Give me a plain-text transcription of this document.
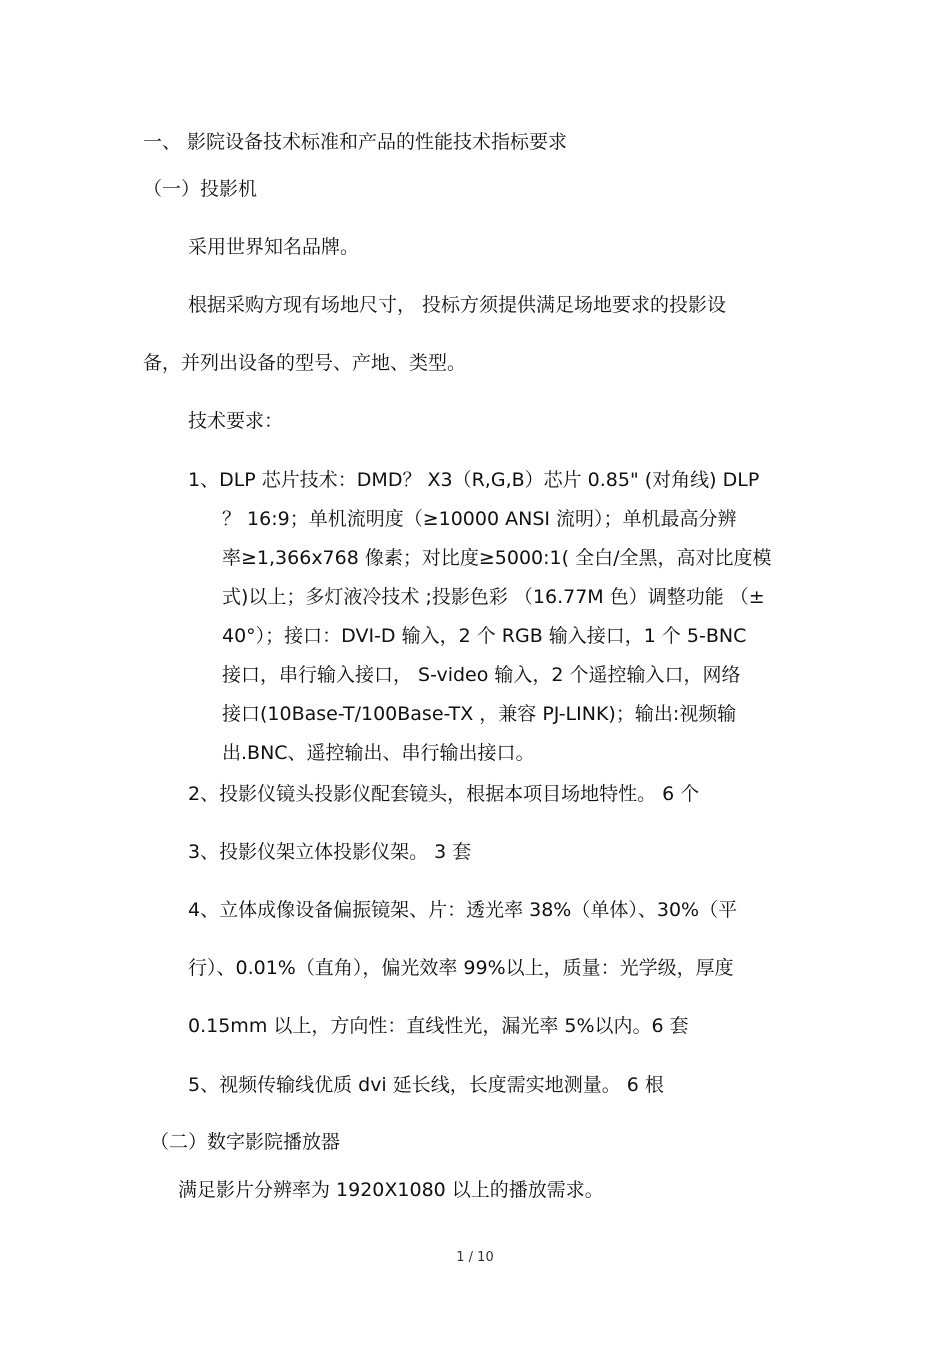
一、 影院设备技术标准和产品的性能技术指标要求
（一）投影机
采用世界知名品牌。
根据采购方现有场地尺寸， 投标方须提供满足场地要求的投影设
备，并列出设备的型号、产地、类型。
技术要求：
1、DLP 芯片技术：DMD？ X3（R,G,B）芯片 0.85" (对角线) DLP
？ 16:9；单机流明度（≥10000 ANSI 流明）；单机最高分辨
率≥1,366x768 像素；对比度≥5000:1( 全白/全黑，高对比度模
式)以上；多灯液冷技术 ;投影色彩 （16.77M 色）调整功能 （±
40°）；接口：DVI-D 输入，2 个 RGB 输入接口，1 个 5-BNC
接口，串行输入接口， S-video 输入，2 个遥控输入口，网络
接口(10Base-T/100Base-TX ，兼容 PJ-LINK)；输出:视频输
出.BNC、遥控输出、串行输出接口。
2、投影仪镜头投影仪配套镜头，根据本项目场地特性。 6 个
3、投影仪架立体投影仪架。 3 套
4、立体成像设备偏振镜架、片：透光率 38%（单体）、30%（平
行）、0.01%（直角），偏光效率 99%以上，质量：光学级，厚度
0.15mm 以上，方向性：直线性光，漏光率 5%以内。6 套
5、视频传输线优质 dvi 延长线，长度需实地测量。 6 根
（二）数字影院播放器
满足影片分辨率为 1920X1080 以上的播放需求。
1 / 10
